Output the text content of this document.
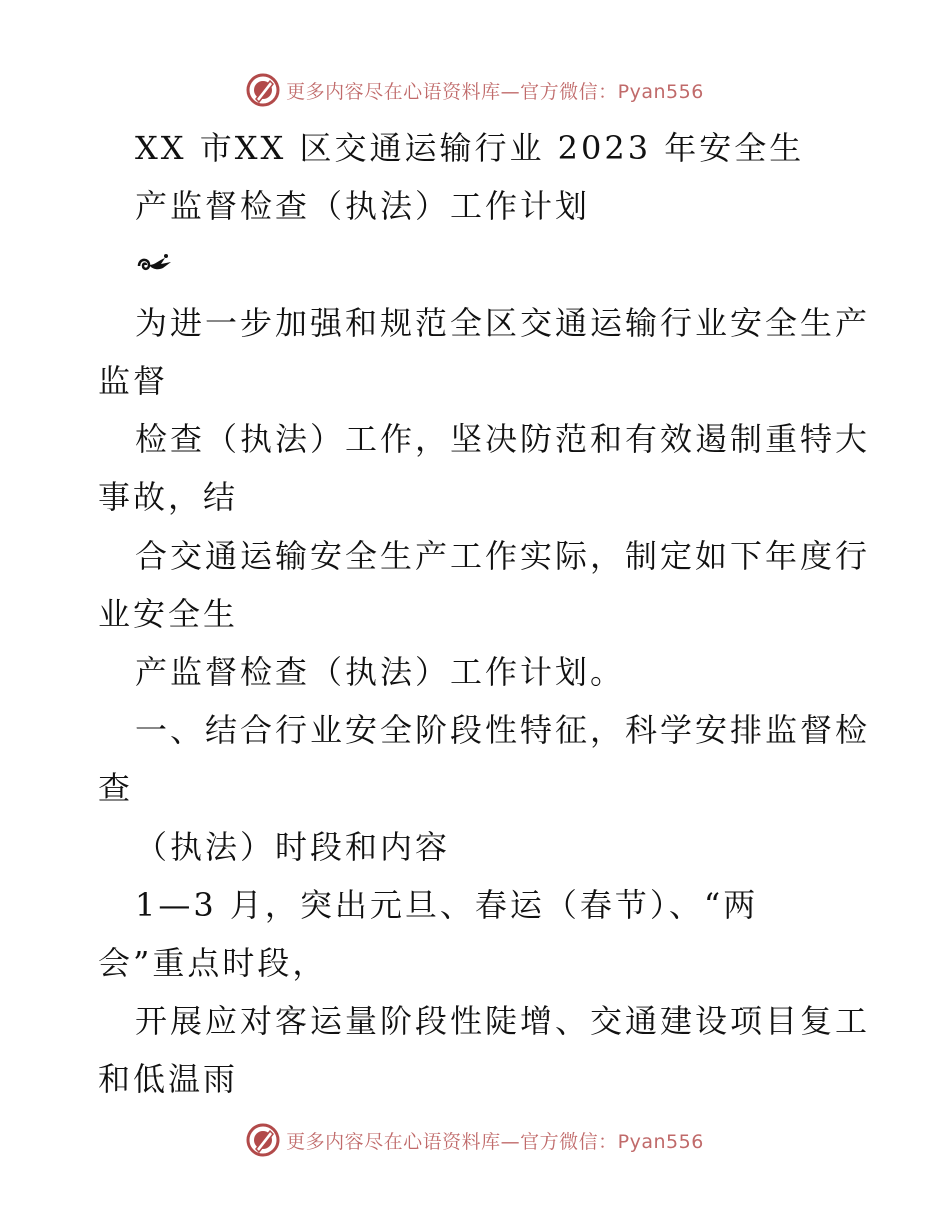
更多内容尽在心语资料库—官方微信：Pyan556
XX 市XX 区交通运输行业 2023 年安全生
产监督检查（执法）工作计划
为进一步加强和规范全区交通运输行业安全生产
监督
检查（执法）工作，坚决防范和有效遏制重特大
事故，结
合交通运输安全生产工作实际，制定如下年度行
业安全生
产监督检查（执法）工作计划。
一、结合行业安全阶段性特征，科学安排监督检
查
（执法）时段和内容
1—3 月，突出元旦、春运（春节）、“两
会”重点时段，
开展应对客运量阶段性陡增、交通建设项目复工
和低温雨
更多内容尽在心语资料库—官方微信：Pyan556
